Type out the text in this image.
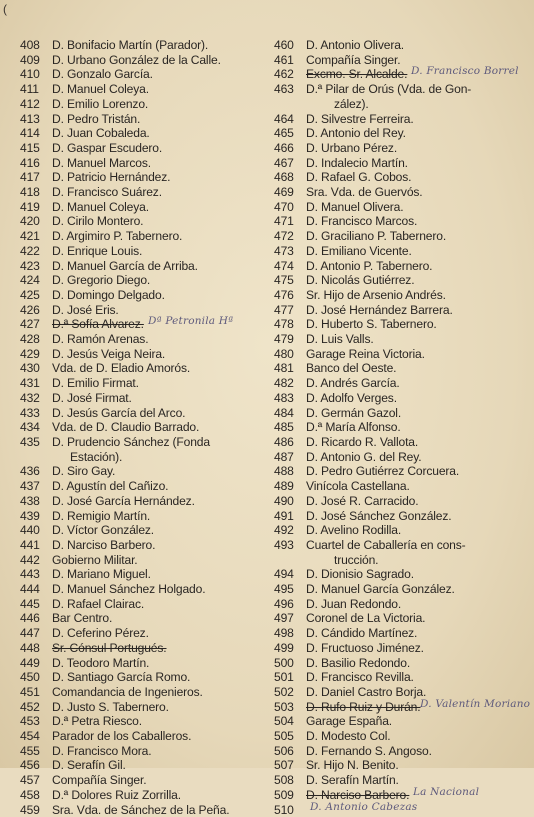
(
408 D. Bonifacio Martín (Parador).
409 D. Urbano González de la Calle.
410 D. Gonzalo García.
411 D. Manuel Coleya.
412 D. Emilio Lorenzo.
413 D. Pedro Tristán.
414 D. Juan Cobaleda.
415 D. Gaspar Escudero.
416 D. Manuel Marcos.
417 D. Patricio Hernández.
418 D. Francisco Suárez.
419 D. Manuel Coleya.
420 D. Cirilo Montero.
421 D. Argimiro P. Tabernero.
422 D. Enrique Louis.
423 D. Manuel García de Arriba.
424 D. Gregorio Diego.
425 D. Domingo Delgado.
426 D. José Eris.
427 D.ª Sofía Alvarez. Dª Petronila Hª
428 D. Ramón Arenas.
429 D. Jesús Veiga Neira.
430 Vda. de D. Eladio Amorós.
431 D. Emilio Firmat.
432 D. José Firmat.
433 D. Jesús García del Arco.
434 Vda. de D. Claudio Barrado.
435 D. Prudencio Sánchez (Fonda
Estación).
436 D. Siro Gay.
437 D. Agustín del Cañizo.
438 D. José García Hernández.
439 D. Remigio Martín.
440 D. Víctor González.
441 D. Narciso Barbero.
442 Gobierno Militar.
443 D. Mariano Miguel.
444 D. Manuel Sánchez Holgado.
445 D. Rafael Clairac.
446 Bar Centro.
447 D. Ceferino Pérez.
448 Sr. Cónsul Portugués.
449 D. Teodoro Martín.
450 D. Santiago García Romo.
451 Comandancia de Ingenieros.
452 D. Justo S. Tabernero.
453 D.ª Petra Riesco.
454 Parador de los Caballeros.
455 D. Francisco Mora.
456 D. Serafín Gil.
457 Compañía Singer.
458 D.ª Dolores Ruiz Zorrilla.
459 Sra. Vda. de Sánchez de la Peña.
460 D. Antonio Olivera.
461 Compañía Singer.
462 Excmo. Sr. Alcalde. D. Francisco Borrel
463 D.ª Pilar de Orús (Vda. de Gon-
zález).
464 D. Silvestre Ferreira.
465 D. Antonio del Rey.
466 D. Urbano Pérez.
467 D. Indalecio Martín.
468 D. Rafael G. Cobos.
469 Sra. Vda. de Guervós.
470 D. Manuel Olivera.
471 D. Francisco Marcos.
472 D. Graciliano P. Tabernero.
473 D. Emiliano Vicente.
474 D. Antonio P. Tabernero.
475 D. Nicolás Gutiérrez.
476 Sr. Hijo de Arsenio Andrés.
477 D. José Hernández Barrera.
478 D. Huberto S. Tabernero.
479 D. Luis Valls.
480 Garage Reina Victoria.
481 Banco del Oeste.
482 D. Andrés García.
483 D. Adolfo Verges.
484 D. Germán Gazol.
485 D.ª María Alfonso.
486 D. Ricardo R. Vallota.
487 D. Antonio G. del Rey.
488 D. Pedro Gutiérrez Corcuera.
489 Vinícola Castellana.
490 D. José R. Carracido.
491 D. José Sánchez González.
492 D. Avelino Rodilla.
493 Cuartel de Caballería en cons-
trucción.
494 D. Dionisio Sagrado.
495 D. Manuel García González.
496 D. Juan Redondo.
497 Coronel de La Victoria.
498 D. Cándido Martínez.
499 D. Fructuoso Jiménez.
500 D. Basilio Redondo.
501 D. Francisco Revilla.
502 D. Daniel Castro Borja.
503 D. Rufo Ruiz y Durán. D. Valentín Moriano
504 Garage España.
505 D. Modesto Col.
506 D. Fernando S. Angoso.
507 Sr. Hijo N. Benito.
508 D. Serafín Martín.
509 D. Narciso Barbero. La Nacional
510 D. Antonio Cabezas
